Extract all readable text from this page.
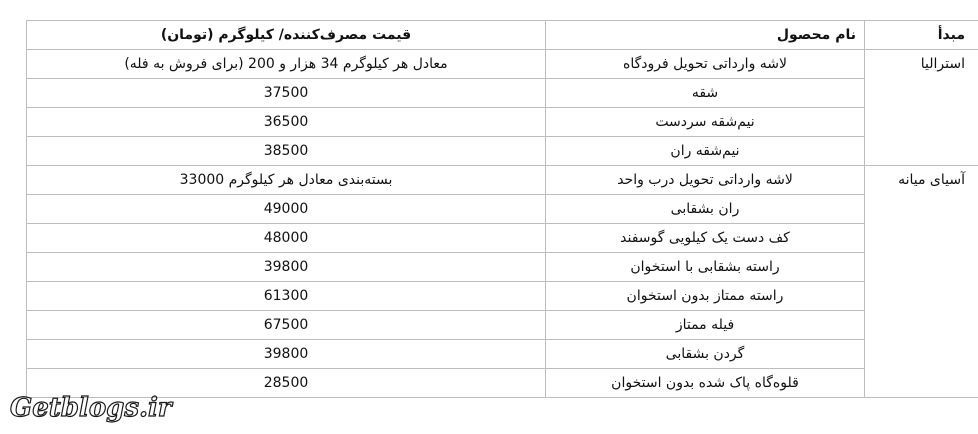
مبدأ	نام محصول	قیمت مصرف‌کننده/ کیلوگرم (تومان)
استرالیا	لاشه وارداتی تحویل فرودگاه	معادل هر کیلوگرم 34 هزار و 200 (برای فروش به فله)
	شقه	37500
	نیم‌شقه سردست	36500
	نیم‌شقه ران	38500
آسیای میانه	لاشه وارداتی تحویل درب واحد	بسته‌بندی معادل هر کیلوگرم 33000
	ران بشقابی	49000
	کف دست یک کیلویی گوسفند	48000
	راسته بشقابی با استخوان	39800
	راسته ممتاز بدون استخوان	61300
	فیله ممتاز	67500
	گردن بشقابی	39800
	قلوه‌گاه پاک شده بدون استخوان	28500
Getblogs.ir
